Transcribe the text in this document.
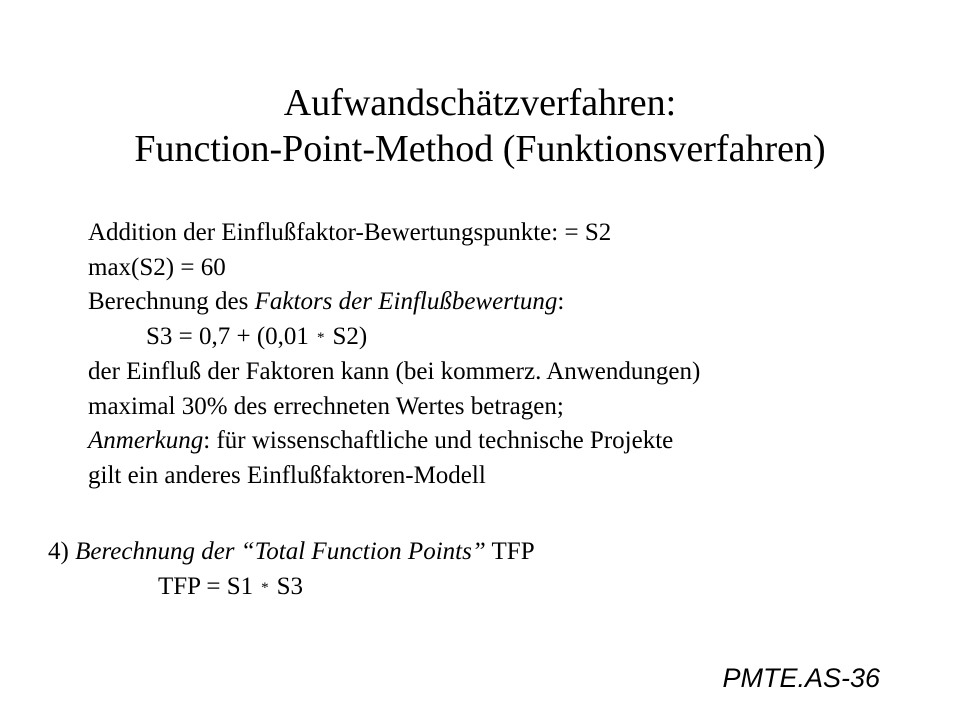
Aufwandschätzverfahren:
Function-Point-Method (Funktionsverfahren)
Addition der Einflußfaktor-Bewertungspunkte: = S2
max(S2) = 60
Berechnung des Faktors der Einflußbewertung:
S3 = 0,7 + (0,01 * S2)
der Einfluß der Faktoren kann (bei kommerz. Anwendungen)
maximal 30% des errechneten Wertes betragen;
Anmerkung: für wissenschaftliche und technische Projekte
gilt ein anderes Einflußfaktoren-Modell
4) Berechnung der “Total Function Points” TFP
TFP = S1 * S3
PMTE.AS-36
